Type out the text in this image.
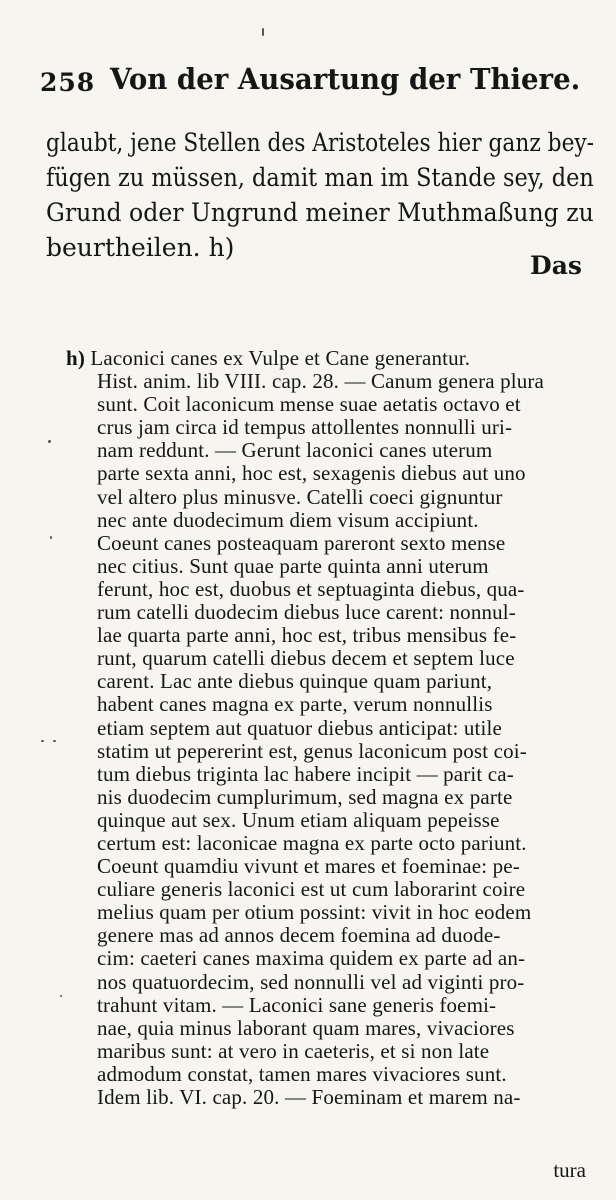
258 Von der Ausartung der Thiere.
glaubt, jene Stellen des Aristoteles hier ganz bey-
fügen zu müssen, damit man im Stande sey, den
Grund oder Ungrund meiner Muthmaßung zu
beurtheilen. h)
Das
h) Laconici canes ex Vulpe et Cane generantur.
Hist. anim. lib VIII. cap. 28. — Canum genera plura
sunt. Coit laconicum mense suae aetatis octavo et
crus jam circa id tempus attollentes nonnulli uri-
nam reddunt. — Gerunt laconici canes uterum
parte sexta anni, hoc est, sexagenis diebus aut uno
vel altero plus minusve. Catelli coeci gignuntur
nec ante duodecimum diem visum accipiunt.
Coeunt canes posteaquam pareront sexto mense
nec citius. Sunt quae parte quinta anni uterum
ferunt, hoc est, duobus et septuaginta diebus, qua-
rum catelli duodecim diebus luce carent: nonnul-
lae quarta parte anni, hoc est, tribus mensibus fe-
runt, quarum catelli diebus decem et septem luce
carent. Lac ante diebus quinque quam pariunt,
habent canes magna ex parte, verum nonnullis
etiam septem aut quatuor diebus anticipat: utile
statim ut pepererint est, genus laconicum post coi-
tum diebus triginta lac habere incipit — parit ca-
nis duodecim cumplurimum, sed magna ex parte
quinque aut sex. Unum etiam aliquam pepeisse
certum est: laconicae magna ex parte octo pariunt.
Coeunt quamdiu vivunt et mares et foeminae: pe-
culiare generis laconici est ut cum laborarint coire
melius quam per otium possint: vivit in hoc eodem
genere mas ad annos decem foemina ad duode-
cim: caeteri canes maxima quidem ex parte ad an-
nos quatuordecim, sed nonnulli vel ad viginti pro-
trahunt vitam. — Laconici sane generis foemi-
nae, quia minus laborant quam mares, vivaciores
maribus sunt: at vero in caeteris, et si non late
admodum constat, tamen mares vivaciores sunt.
Idem lib. VI. cap. 20. — Foeminam et marem na-
tura
